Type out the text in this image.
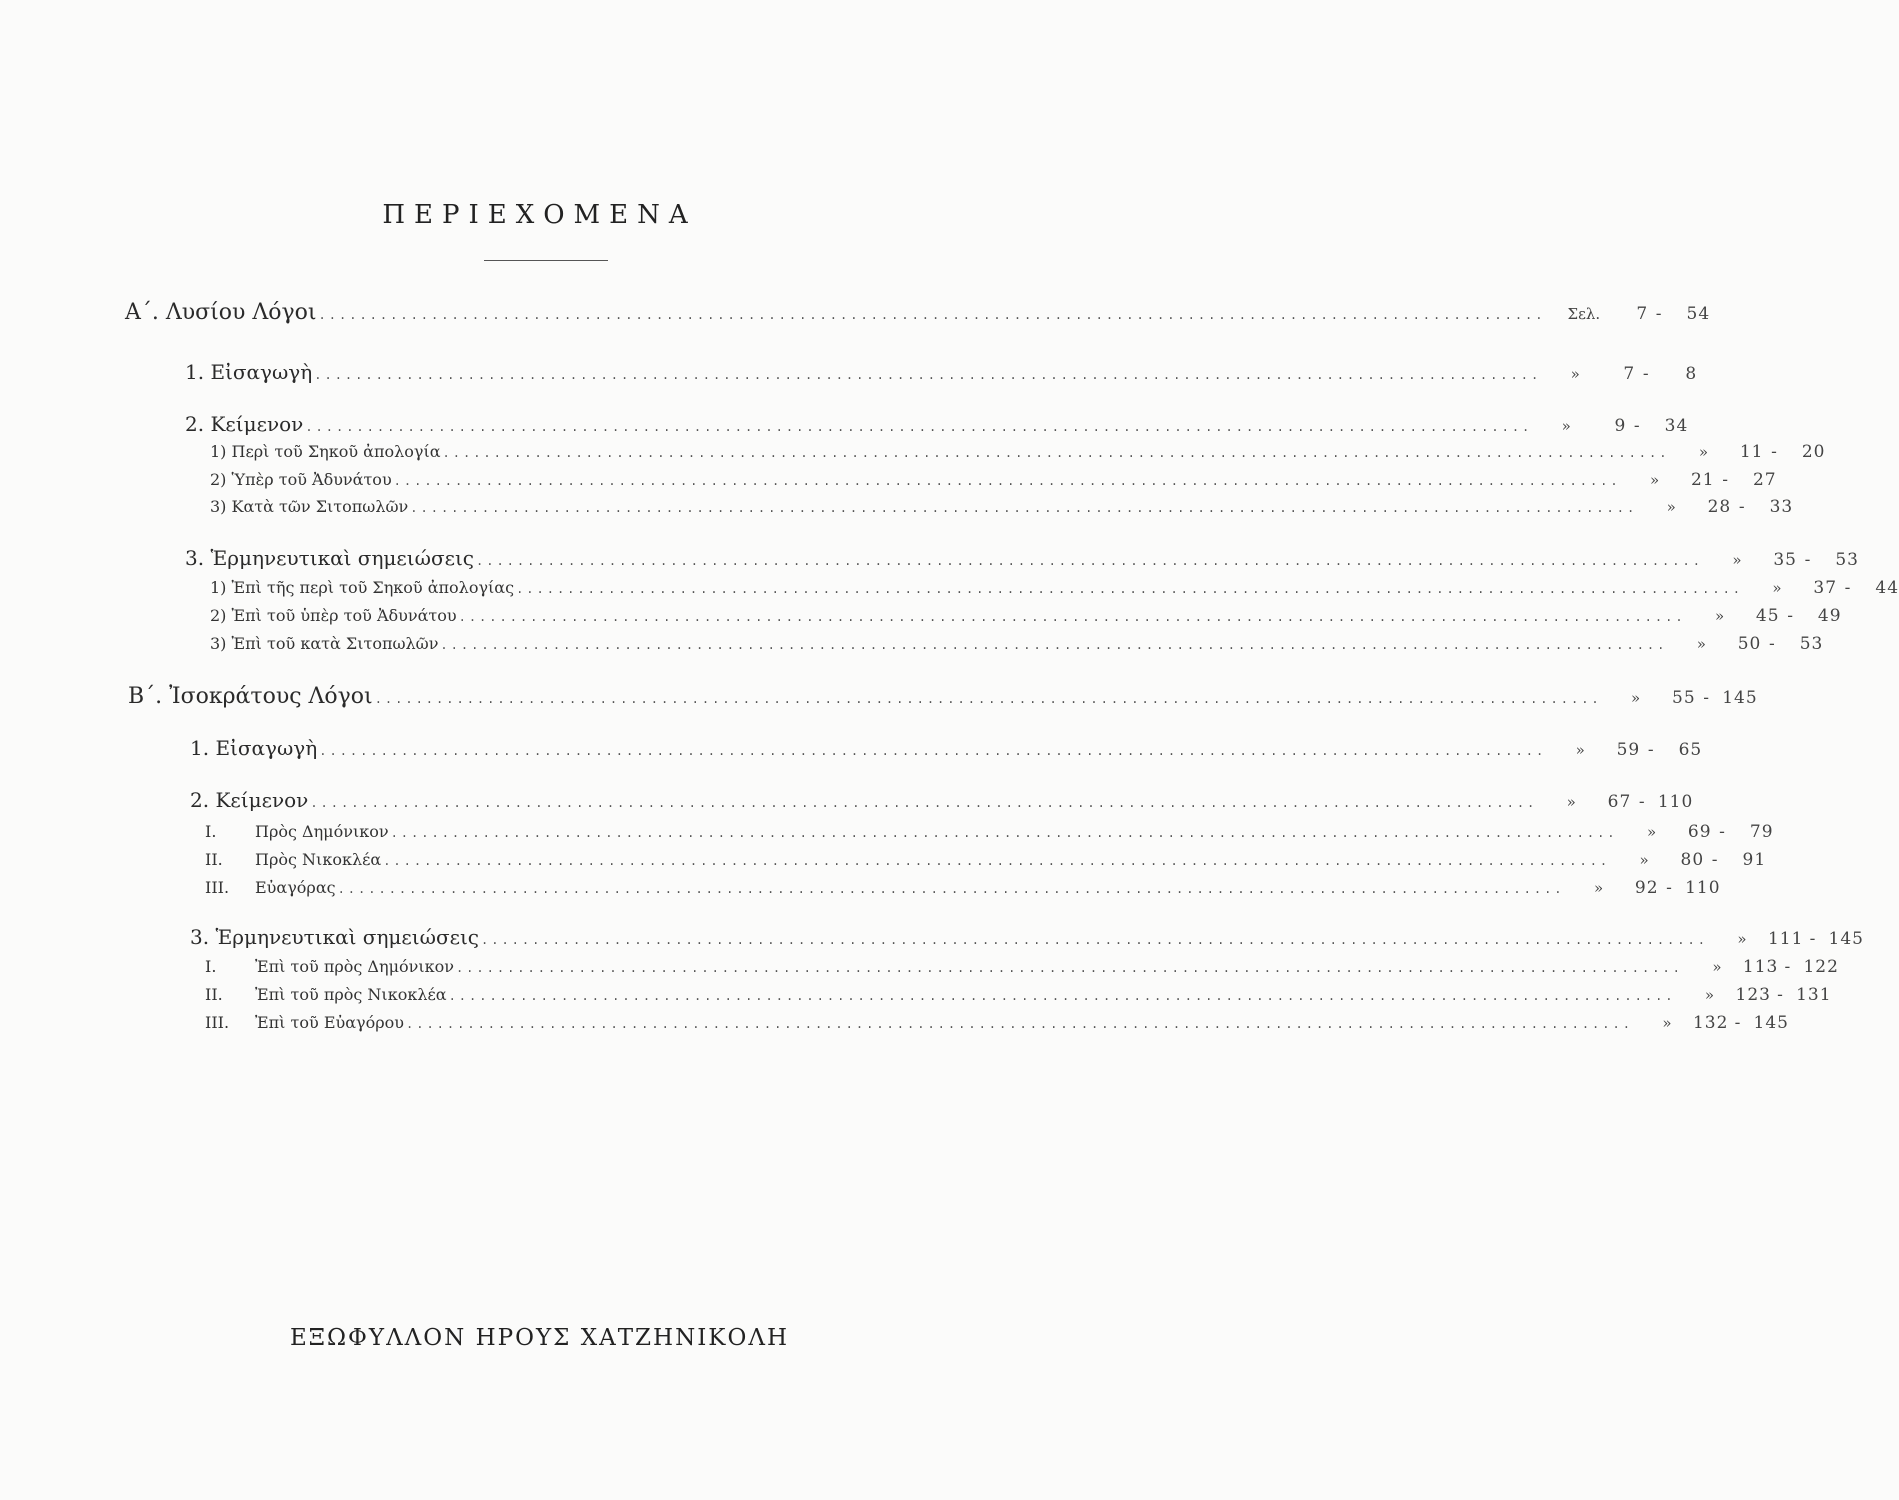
ΠΕΡΙΕΧΟΜΕΝΑ
Α΄. Λυσίου Λόγοι ........................................................................................................................ Σελ.	7 - 54
1. Εἰσαγωγὴ ........................................................................................................................	»	7 - 8
2. Κείμενον ........................................................................................................................	»	9 - 34
1) Περὶ τοῦ Σηκοῦ ἀπολογία ........................................................................................................................	»	11 - 20
2) Ὑπὲρ τοῦ Ἀδυνάτου ........................................................................................................................	»	21 - 27
3) Κατὰ τῶν Σιτοπωλῶν ........................................................................................................................	»	28 - 33
3. Ἑρμηνευτικαὶ σημειώσεις ........................................................................................................................	»	35 - 53
1) Ἐπὶ τῆς περὶ τοῦ Σηκοῦ ἀπολογίας ........................................................................................................................	»	37 - 44
2) Ἐπὶ τοῦ ὑπὲρ τοῦ Ἀδυνάτου ........................................................................................................................	»	45 - 49
3) Ἐπὶ τοῦ κατὰ Σιτοπωλῶν ........................................................................................................................	»	50 - 53
Β΄. Ἰσοκράτους Λόγοι ........................................................................................................................	»	55 - 145
1. Εἰσαγωγὴ ........................................................................................................................	»	59 - 65
2. Κείμενον ........................................................................................................................	»	67 - 110
Ι. Πρὸς Δημόνικον ........................................................................................................................	»	69 - 79
ΙΙ. Πρὸς Νικοκλέα ........................................................................................................................	»	80 - 91
ΙΙΙ. Εὐαγόρας ........................................................................................................................	»	92 - 110
3. Ἑρμηνευτικαὶ σημειώσεις ........................................................................................................................	»	111 - 145
Ι. Ἐπὶ τοῦ πρὸς Δημόνικον ........................................................................................................................	»	113 - 122
ΙΙ. Ἐπὶ τοῦ πρὸς Νικοκλέα ........................................................................................................................	»	123 - 131
ΙΙΙ. Ἐπὶ τοῦ Εὐαγόρου ........................................................................................................................	»	132 - 145
ΕΞΩΦΥΛΛΟΝ ΗΡΟΥΣ ΧΑΤΖΗΝΙΚΟΛΗ
